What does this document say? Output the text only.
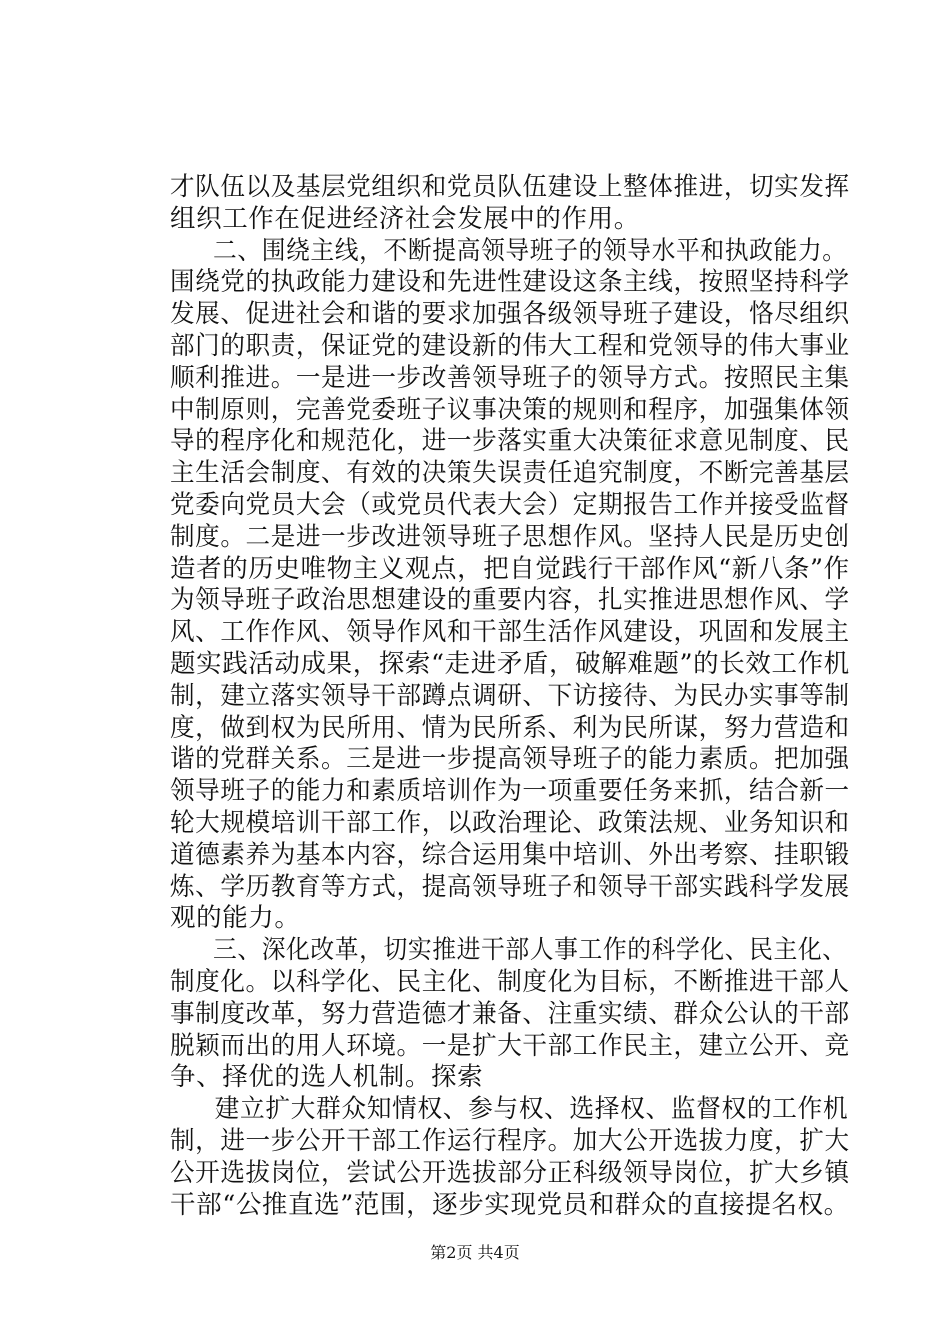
才队伍以及基层党组织和党员队伍建设上整体推进，切实发挥
组织工作在促进经济社会发展中的作用。
二、围绕主线，不断提高领导班子的领导水平和执政能力。
围绕党的执政能力建设和先进性建设这条主线，按照坚持科学
发展、促进社会和谐的要求加强各级领导班子建设，恪尽组织
部门的职责，保证党的建设新的伟大工程和党领导的伟大事业
顺利推进。一是进一步改善领导班子的领导方式。按照民主集
中制原则，完善党委班子议事决策的规则和程序，加强集体领
导的程序化和规范化，进一步落实重大决策征求意见制度、民
主生活会制度、有效的决策失误责任追究制度，不断完善基层
党委向党员大会（或党员代表大会）定期报告工作并接受监督
制度。二是进一步改进领导班子思想作风。坚持人民是历史创
造者的历史唯物主义观点，把自觉践行干部作风“新八条”作
为领导班子政治思想建设的重要内容，扎实推进思想作风、学
风、工作作风、领导作风和干部生活作风建设，巩固和发展主
题实践活动成果，探索“走进矛盾，破解难题”的长效工作机
制，建立落实领导干部蹲点调研、下访接待、为民办实事等制
度，做到权为民所用、情为民所系、利为民所谋，努力营造和
谐的党群关系。三是进一步提高领导班子的能力素质。把加强
领导班子的能力和素质培训作为一项重要任务来抓，结合新一
轮大规模培训干部工作，以政治理论、政策法规、业务知识和
道德素养为基本内容，综合运用集中培训、外出考察、挂职锻
炼、学历教育等方式，提高领导班子和领导干部实践科学发展
观的能力。
三、深化改革，切实推进干部人事工作的科学化、民主化、
制度化。以科学化、民主化、制度化为目标，不断推进干部人
事制度改革，努力营造德才兼备、注重实绩、群众公认的干部
脱颖而出的用人环境。一是扩大干部工作民主，建立公开、竞
争、择优的选人机制。探索
建立扩大群众知情权、参与权、选择权、监督权的工作机
制，进一步公开干部工作运行程序。加大公开选拔力度，扩大
公开选拔岗位，尝试公开选拔部分正科级领导岗位，扩大乡镇
干部“公推直选”范围，逐步实现党员和群众的直接提名权。
第2页 共4页
